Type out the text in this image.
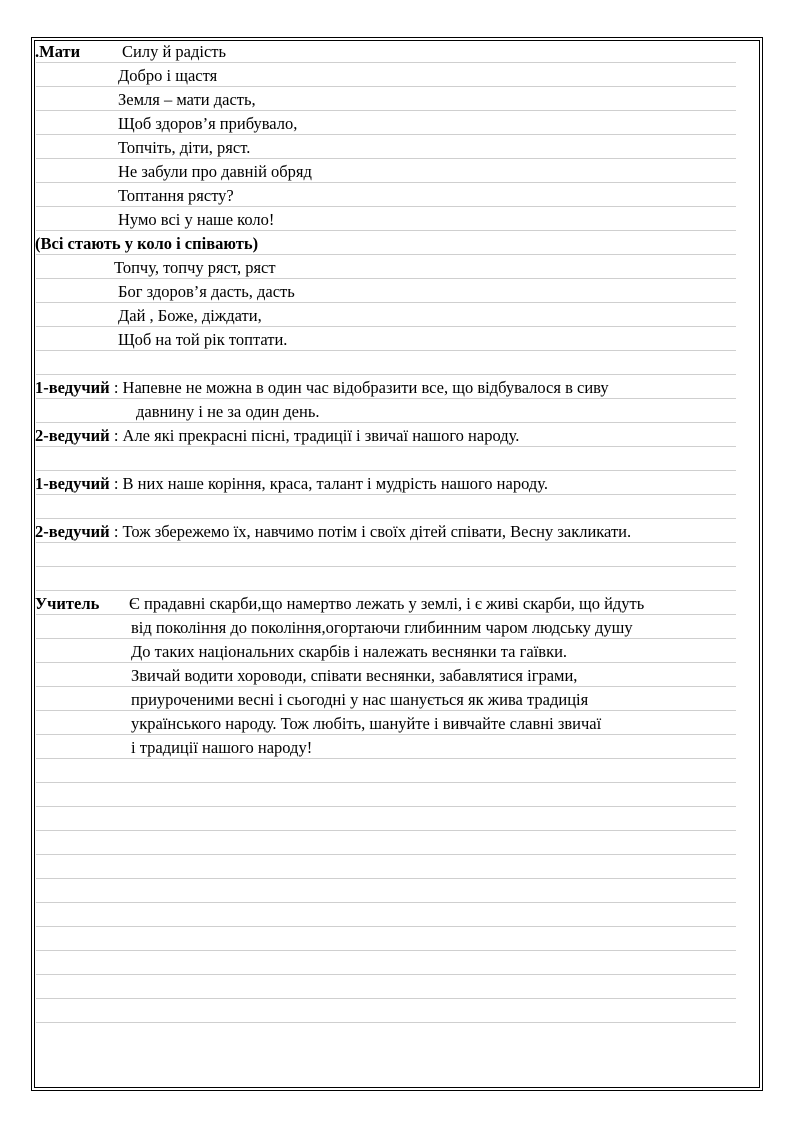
.Мати	Силу й радість
Добро і щастя
Земля – мати дасть,
Щоб здоров’я прибувало,
Топчіть, діти, ряст.
Не забули про давній обряд
Топтання рясту?
Нумо всі у наше коло!
(Всі стають у коло і співають)
Топчу, топчу ряст, ряст
Бог здоров’я дасть, дасть
Дай , Боже, діждати,
Щоб на той рік топтати.
1-ведучий : Напевне не можна в один час відобразити все, що відбувалося в сиву
давнину і не за один день.
2-ведучий : Але які прекрасні пісні, традиції і звичаї нашого народу.
1-ведучий : В них наше коріння, краса, талант і мудрість нашого народу.
2-ведучий : Тож збережемо їх, навчимо потім і своїх дітей співати, Весну закликати.
Учитель Є прадавні скарби,що намертво лежать у землі, і є живі скарби, що йдуть
від покоління до покоління,огортаючи глибинним чаром людську душу
До таких національних скарбів і належать веснянки та гаївки.
Звичай водити хороводи, співати веснянки, забавлятися іграми,
приуроченими весні і сьогодні у нас шанується як жива традиція
українського народу. Тож любіть, шануйте і вивчайте славні звичаї
і традиції нашого народу!
